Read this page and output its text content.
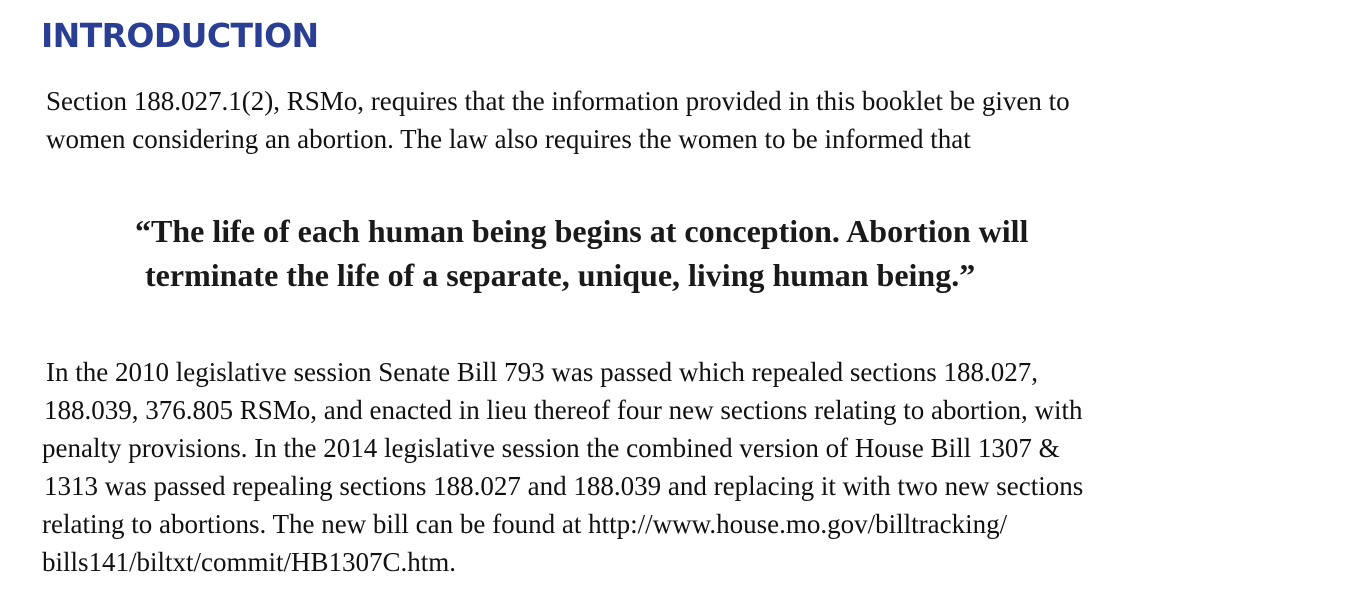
INTRODUCTION
Section 188.027.1(2), RSMo, requires that the information provided in this booklet be given to
women considering an abortion. The law also requires the women to be informed that
“The life of each human being begins at conception. Abortion will
terminate the life of a separate, unique, living human being.”
In the 2010 legislative session Senate Bill 793 was passed which repealed sections 188.027,
188.039, 376.805 RSMo, and enacted in lieu thereof four new sections relating to abortion, with
penalty provisions. In the 2014 legislative session the combined version of House Bill 1307 &
1313 was passed repealing sections 188.027 and 188.039 and replacing it with two new sections
relating to abortions. The new bill can be found at http://www.house.mo.gov/billtracking/
bills141/biltxt/commit/HB1307C.htm.
